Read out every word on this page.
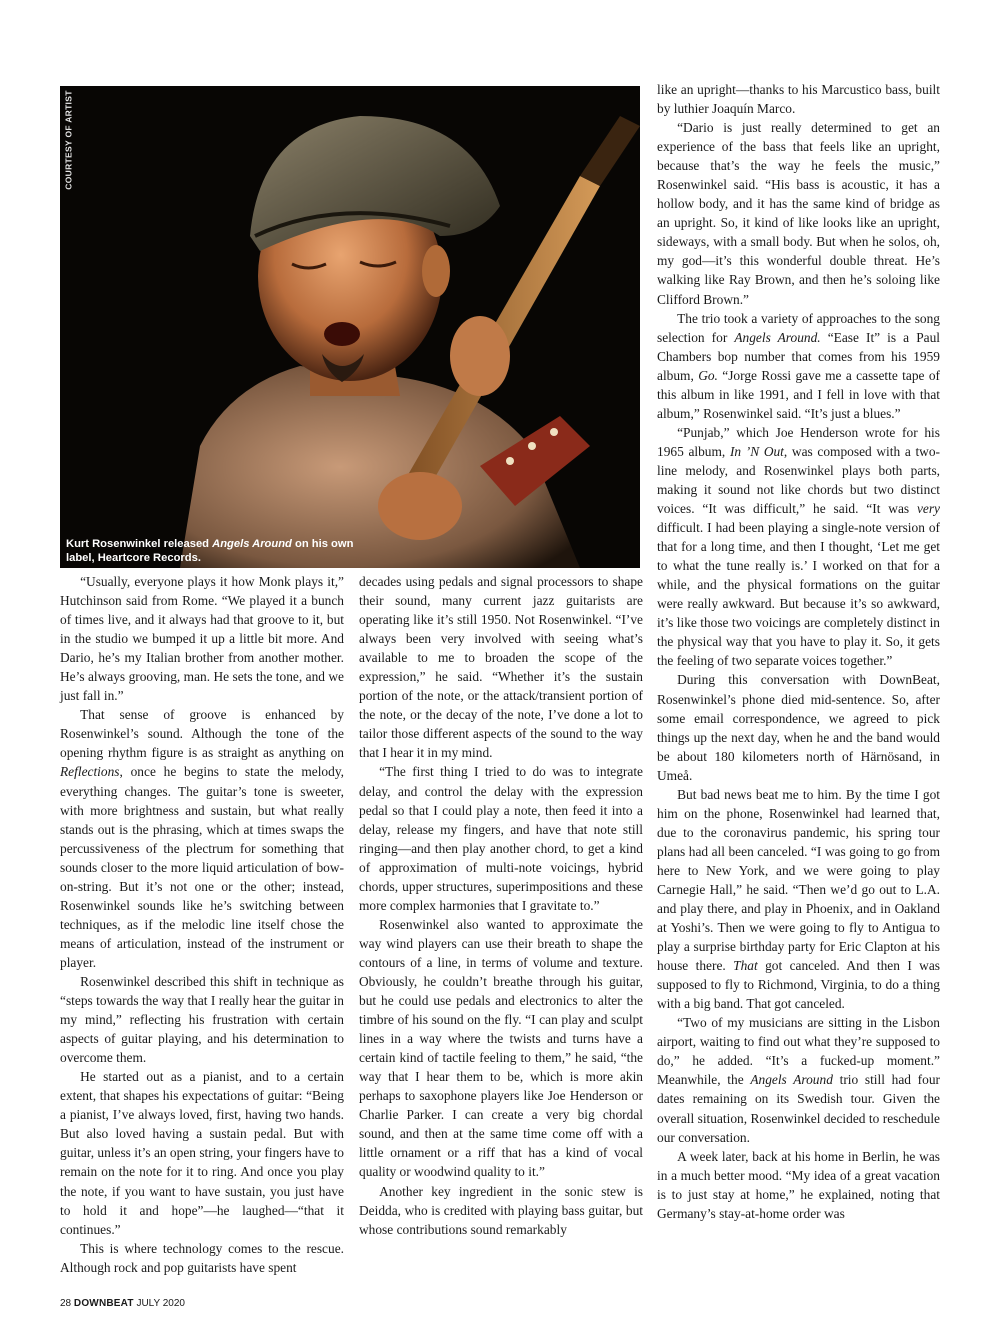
COURTESY OF ARTIST
Kurt Rosenwinkel released Angels Around on his own label, Heartcore Records.

“Usually, everyone plays it how Monk plays it,” Hutchinson said from Rome. “We played it a bunch of times live, and it always had that groove to it, but in the studio we bumped it up a little bit more. And Dario, he’s my Italian brother from another mother. He’s always grooving, man. He sets the tone, and we just fall in.”

That sense of groove is enhanced by Rosenwinkel’s sound. Although the tone of the opening rhythm figure is as straight as anything on Reflections, once he begins to state the melody, everything changes. The guitar’s tone is sweeter, with more brightness and sustain, but what really stands out is the phrasing, which at times swaps the percussiveness of the plectrum for something that sounds closer to the more liquid articulation of bow-on-string. But it’s not one or the other; instead, Rosenwinkel sounds like he’s switching between techniques, as if the melodic line itself chose the means of articulation, instead of the instrument or player.

Rosenwinkel described this shift in technique as “steps towards the way that I really hear the guitar in my mind,” reflecting his frustration with certain aspects of guitar playing, and his determination to overcome them.

He started out as a pianist, and to a certain extent, that shapes his expectations of guitar: “Being a pianist, I’ve always loved, first, having two hands. But also loved having a sustain pedal. But with guitar, unless it’s an open string, your fingers have to remain on the note for it to ring. And once you play the note, if you want to have sustain, you just have to hold it and hope”—he laughed—“that it continues.”

This is where technology comes to the rescue. Although rock and pop guitarists have spent

decades using pedals and signal processors to shape their sound, many current jazz guitarists are operating like it’s still 1950. Not Rosenwinkel. “I’ve always been very involved with seeing what’s available to me to broaden the scope of the expression,” he said. “Whether it’s the sustain portion of the note, or the attack/transient portion of the note, or the decay of the note, I’ve done a lot to tailor those different aspects of the sound to the way that I hear it in my mind.

“The first thing I tried to do was to integrate delay, and control the delay with the expression pedal so that I could play a note, then feed it into a delay, release my fingers, and have that note still ringing—and then play another chord, to get a kind of approximation of multi-note voicings, hybrid chords, upper structures, superimpositions and these more complex harmonies that I gravitate to.”

Rosenwinkel also wanted to approximate the way wind players can use their breath to shape the contours of a line, in terms of volume and texture. Obviously, he couldn’t breathe through his guitar, but he could use pedals and electronics to alter the timbre of his sound on the fly. “I can play and sculpt lines in a way where the twists and turns have a certain kind of tactile feeling to them,” he said, “the way that I hear them to be, which is more akin perhaps to saxophone players like Joe Henderson or Charlie Parker. I can create a very big chordal sound, and then at the same time come off with a little ornament or a riff that has a kind of vocal quality or woodwind quality to it.”

Another key ingredient in the sonic stew is Deidda, who is credited with playing bass guitar, but whose contributions sound remarkably

like an upright—thanks to his Marcustico bass, built by luthier Joaquín Marco.

“Dario is just really determined to get an experience of the bass that feels like an upright, because that’s the way he feels the music,” Rosenwinkel said. “His bass is acoustic, it has a hollow body, and it has the same kind of bridge as an upright. So, it kind of like looks like an upright, sideways, with a small body. But when he solos, oh, my god—it’s this wonderful double threat. He’s walking like Ray Brown, and then he’s soloing like Clifford Brown.”

The trio took a variety of approaches to the song selection for Angels Around. “Ease It” is a Paul Chambers bop number that comes from his 1959 album, Go. “Jorge Rossi gave me a cassette tape of this album in like 1991, and I fell in love with that album,” Rosenwinkel said. “It’s just a blues.”

“Punjab,” which Joe Henderson wrote for his 1965 album, In ’N Out, was composed with a two-line melody, and Rosenwinkel plays both parts, making it sound not like chords but two distinct voices. “It was difficult,” he said. “It was very difficult. I had been playing a single-note version of that for a long time, and then I thought, ‘Let me get to what the tune really is.’ I worked on that for a while, and the physical formations on the guitar were really awkward. But because it’s so awkward, it’s like those two voicings are completely distinct in the physical way that you have to play it. So, it gets the feeling of two separate voices together.”

During this conversation with DownBeat, Rosenwinkel’s phone died mid-sentence. So, after some email correspondence, we agreed to pick things up the next day, when he and the band would be about 180 kilometers north of Härnösand, in Umeå.

But bad news beat me to him. By the time I got him on the phone, Rosenwinkel had learned that, due to the coronavirus pandemic, his spring tour plans had all been canceled. “I was going to go from here to New York, and we were going to play Carnegie Hall,” he said. “Then we’d go out to L.A. and play there, and play in Phoenix, and in Oakland at Yoshi’s. Then we were going to fly to Antigua to play a surprise birthday party for Eric Clapton at his house there. That got canceled. And then I was supposed to fly to Richmond, Virginia, to do a thing with a big band. That got canceled.

“Two of my musicians are sitting in the Lisbon airport, waiting to find out what they’re supposed to do,” he added. “It’s a fucked-up moment.” Meanwhile, the Angels Around trio still had four dates remaining on its Swedish tour. Given the overall situation, Rosenwinkel decided to reschedule our conversation.

A week later, back at his home in Berlin, he was in a much better mood. “My idea of a great vacation is to just stay at home,” he explained, noting that Germany’s stay-at-home order was

28 DOWNBEAT JULY 2020
